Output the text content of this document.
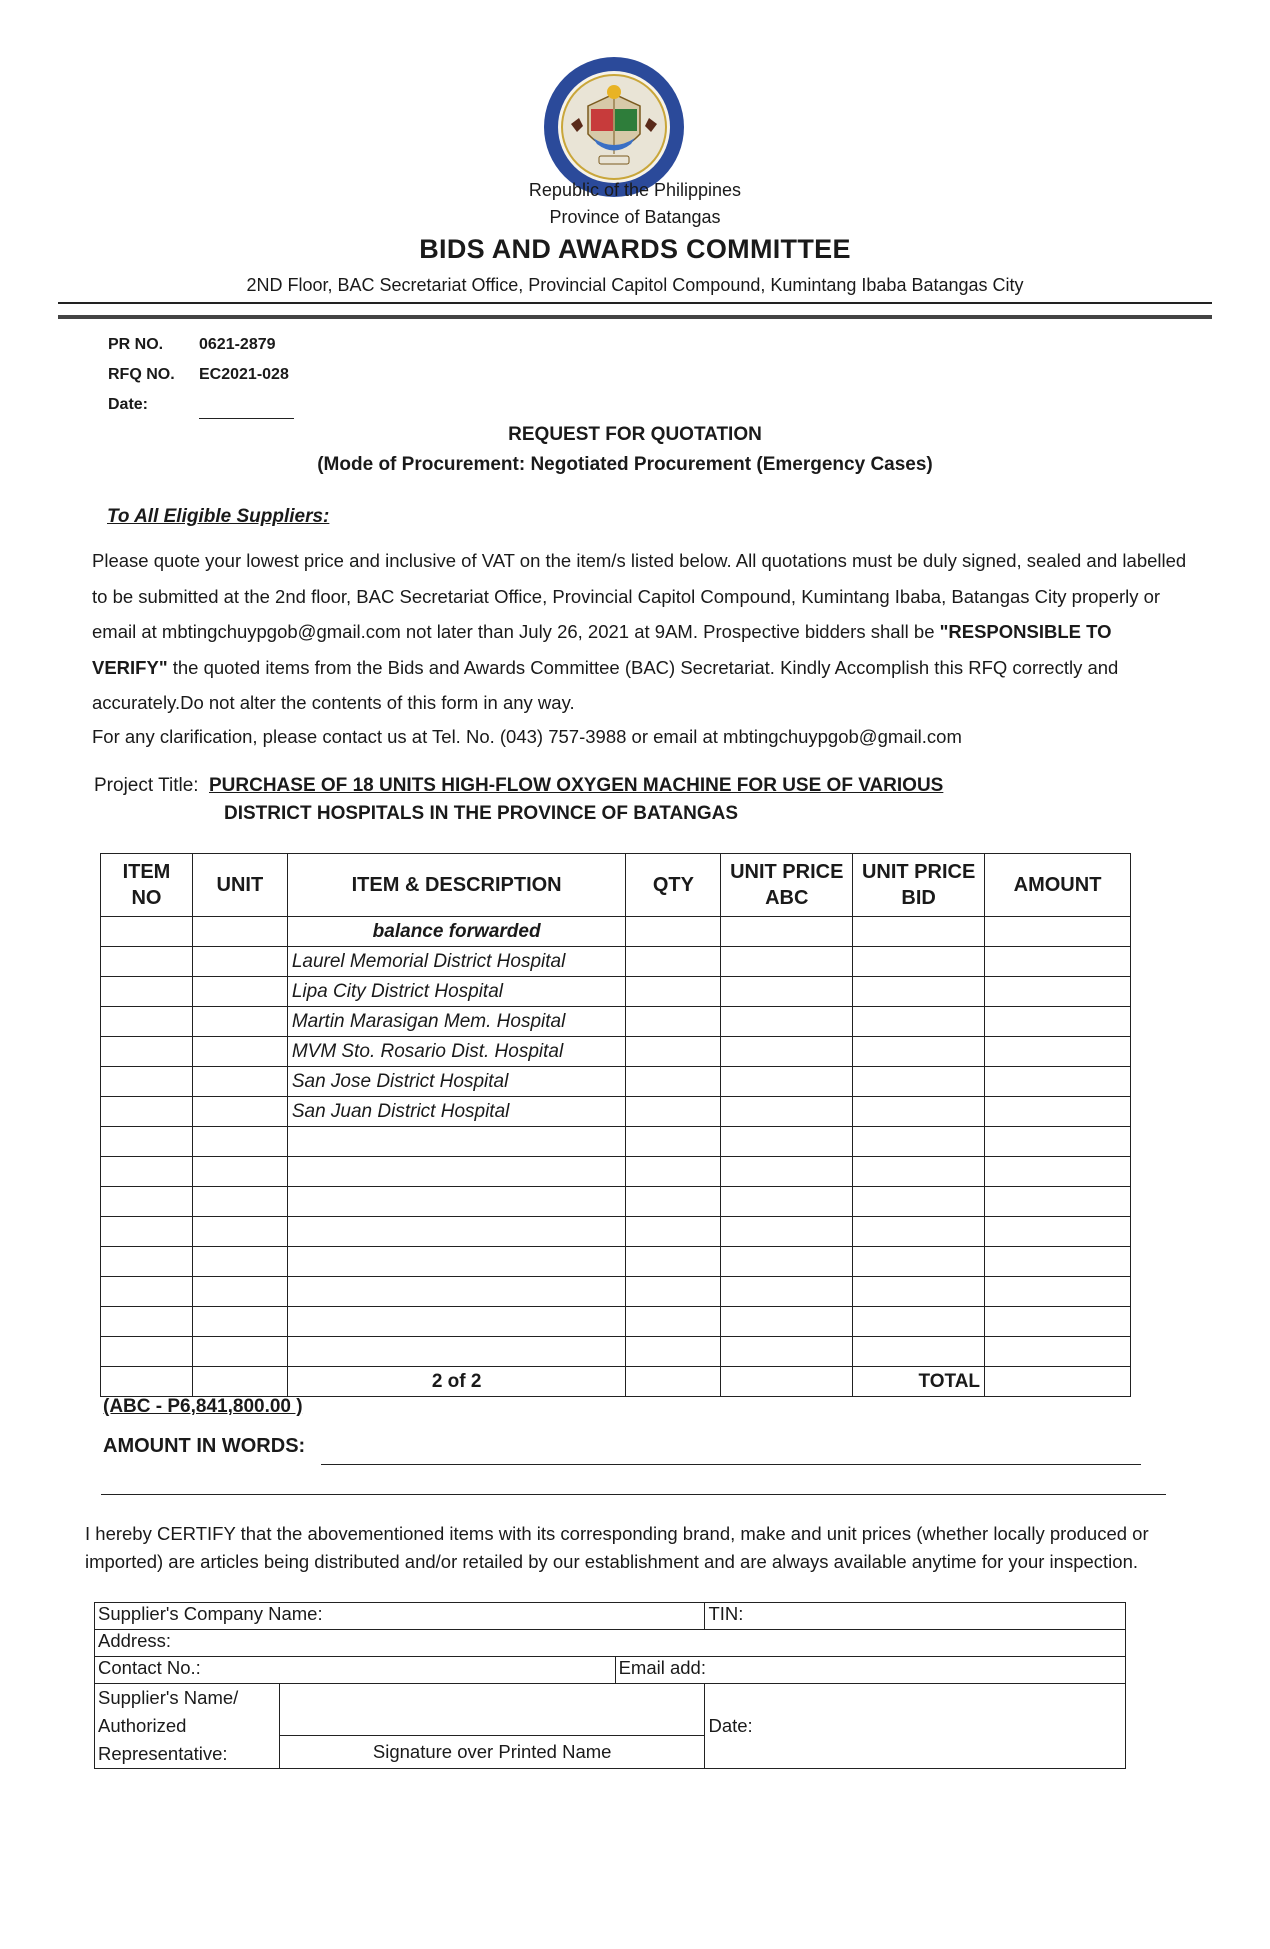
Republic of the Philippines
Province of Batangas
BIDS AND AWARDS COMMITTEE
2ND Floor, BAC Secretariat Office, Provincial Capitol Compound, Kumintang Ibaba Batangas City
PR NO. 0621-2879
RFQ NO. EC2021-028
Date:
REQUEST FOR QUOTATION
(Mode of Procurement: Negotiated Procurement (Emergency Cases)
To All Eligible Suppliers:
Please quote your lowest price and inclusive of VAT on the item/s listed below. All quotations must be duly signed, sealed and labelled to be submitted at the 2nd floor, BAC Secretariat Office, Provincial Capitol Compound, Kumintang Ibaba, Batangas City properly or email at mbtingchuypgob@gmail.com not later than July 26, 2021 at 9AM. Prospective bidders shall be "RESPONSIBLE TO VERIFY" the quoted items from the Bids and Awards Committee (BAC) Secretariat. Kindly Accomplish this RFQ correctly and accurately.Do not alter the contents of this form in any way.
For any clarification, please contact us at Tel. No. (043) 757-3988 or email at mbtingchuypgob@gmail.com
Project Title: PURCHASE OF 18 UNITS HIGH-FLOW OXYGEN MACHINE FOR USE OF VARIOUS
DISTRICT HOSPITALS IN THE PROVINCE OF BATANGAS
ITEM NO	UNIT	ITEM & DESCRIPTION	QTY	UNIT PRICE ABC	UNIT PRICE BID	AMOUNT
		balance forwarded				
		Laurel Memorial District Hospital				
		Lipa City District Hospital				
		Martin Marasigan Mem. Hospital				
		MVM Sto. Rosario Dist. Hospital				
		San Jose District Hospital				
		San Juan District Hospital				

		2 of 2			TOTAL	
(ABC - P6,841,800.00 )
AMOUNT IN WORDS:
I hereby CERTIFY that the abovementioned items with its corresponding brand, make and unit prices (whether locally produced or imported) are articles being distributed and/or retailed by our establishment and are always available anytime for your inspection.
Supplier's Company Name:			TIN:
Address:			
Contact No.:		Email add:	

Supplier's Name/
Authorized
Representative:			Date:
	Signature over Printed Name		
